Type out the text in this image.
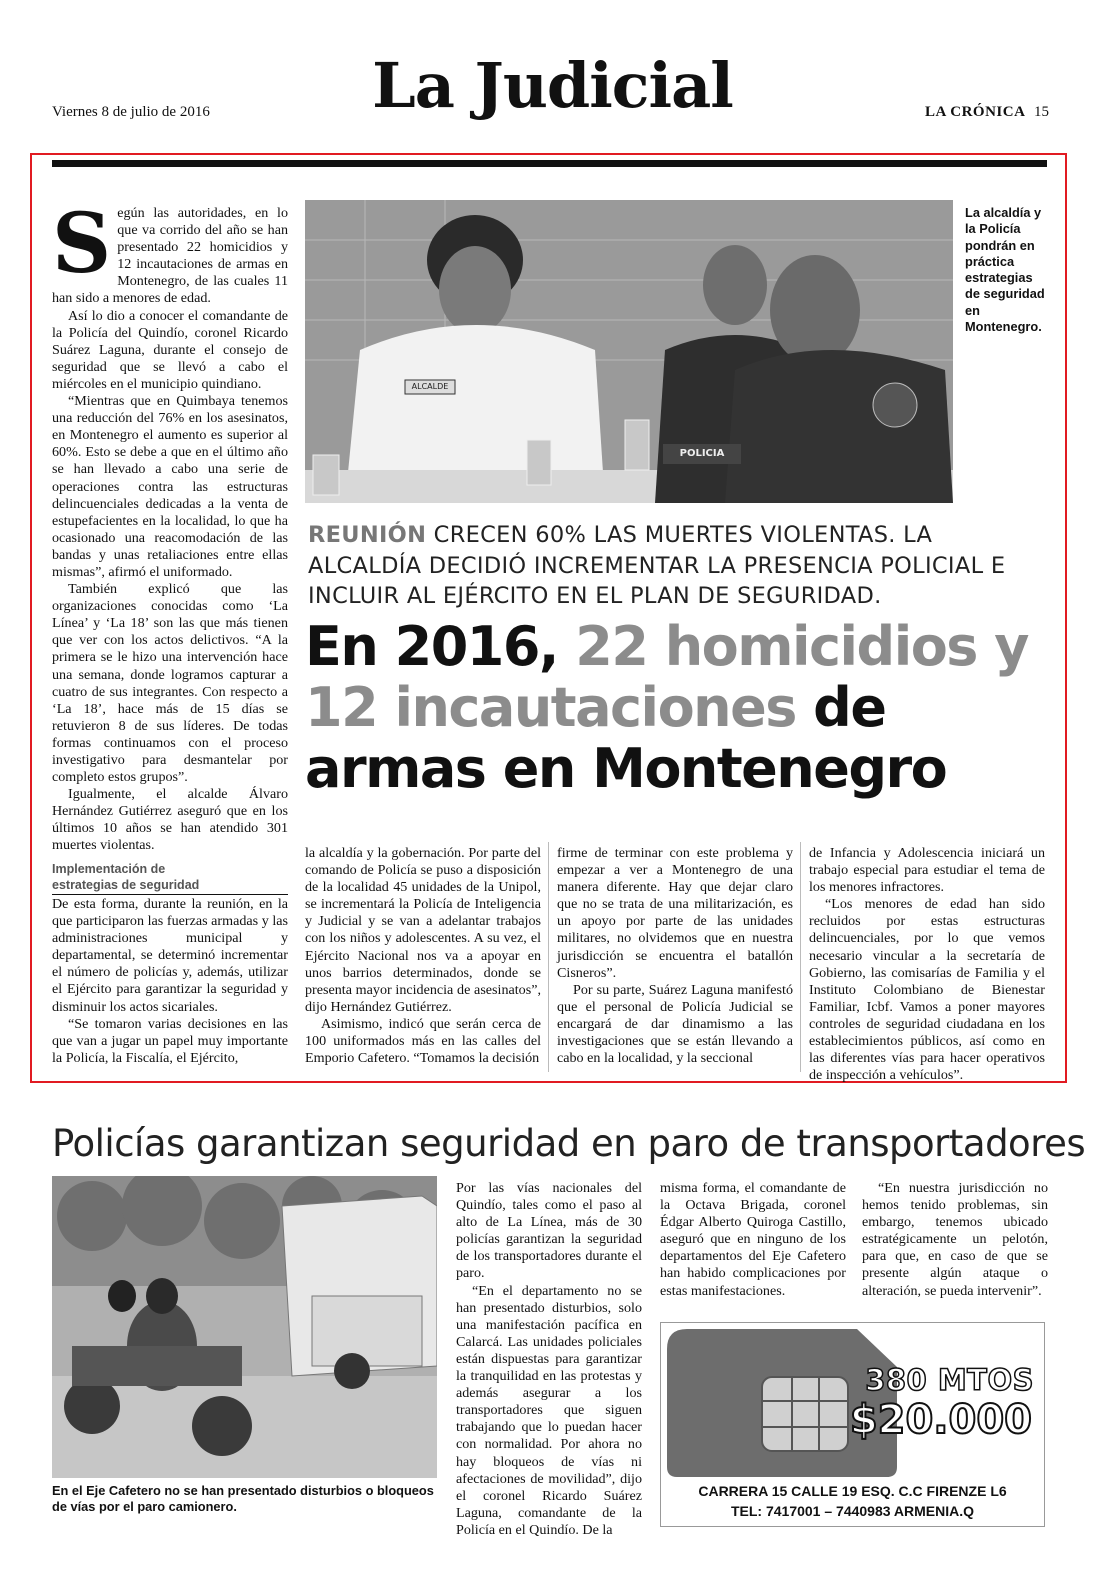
Viernes 8 de julio de 2016	La Judicial	LA CRÓNICA 15
S egún las autoridades, en lo que va corrido del año se han presentado 22 homicidios y 12 incautaciones de armas en Montenegro, de las cuales 11 han sido a menores de edad.

Así lo dio a conocer el comandante de la Policía del Quindío, coronel Ricardo Suárez Laguna, durante el consejo de seguridad que se llevó a cabo el miércoles en el municipio quindiano.

“Mientras que en Quimbaya tenemos una reducción del 76% en los asesinatos, en Montenegro el aumento es superior al 60%. Esto se debe a que en el último año se han llevado a cabo una serie de operaciones contra las estructuras delincuenciales dedicadas a la venta de estupefacientes en la localidad, lo que ha ocasionado una reacomodación de las bandas y unas retaliaciones entre ellas mismas”, afirmó el uniformado.

También explicó que las organizaciones conocidas como ‘La Línea’ y ‘La 18’ son las que más tienen que ver con los actos delictivos. “A la primera se le hizo una intervención hace una semana, donde logramos capturar a cuatro de sus integrantes. Con respecto a ‘La 18’, hace más de 15 días se retuvieron 8 de sus líderes. De todas formas continuamos con el proceso investigativo para desmantelar por completo estos grupos”.

Igualmente, el alcalde Álvaro Hernández Gutiérrez aseguró que en los últimos 10 años se han atendido 301 muertes violentas.

Implementación de
estrategias de seguridad

De esta forma, durante la reunión, en la que participaron las fuerzas armadas y las administraciones municipal y departamental, se determinó incrementar el número de policías y, además, utilizar el Ejército para garantizar la seguridad y disminuir los actos sicariales.

“Se tomaron varias decisiones en las que van a jugar un papel muy importante la Policía, la Fiscalía, el Ejército,

ALCALDE
POLICIA
La alcaldía y la Policía pondrán en práctica estrategias de seguridad en Montenegro.
REUNIÓN CRECEN 60% LAS MUERTES VIOLENTAS. LA ALCALDÍA DECIDIÓ INCREMENTAR LA PRESENCIA POLICIAL E INCLUIR AL EJÉRCITO EN EL PLAN DE SEGURIDAD.
En 2016, 22 homicidios y 12 incautaciones de armas en Montenegro

la alcaldía y la gobernación. Por parte del comando de Policía se puso a disposición de la localidad 45 unidades de la Unipol, se incrementará la Policía de Inteligencia y Judicial y se van a adelantar trabajos con los niños y adolescentes. A su vez, el Ejército Nacional nos va a apoyar en unos barrios determinados, donde se presenta mayor incidencia de asesinatos”, dijo Hernández Gutiérrez.

Asimismo, indicó que serán cerca de 100 uniformados más en las calles del Emporio Cafetero. “Tomamos la decisión

firme de terminar con este problema y empezar a ver a Montenegro de una manera diferente. Hay que dejar claro que no se trata de una militarización, es un apoyo por parte de las unidades militares, no olvidemos que en nuestra jurisdicción se encuentra el batallón Cisneros”.

Por su parte, Suárez Laguna manifestó que el personal de Policía Judicial se encargará de dar dinamismo a las investigaciones que se están llevando a cabo en la localidad, y la seccional

de Infancia y Adolescencia iniciará un trabajo especial para estudiar el tema de los menores infractores.

“Los menores de edad han sido recluidos por estas estructuras delincuenciales, por lo que vemos necesario vincular a la secretaría de Gobierno, las comisarías de Familia y el Instituto Colombiano de Bienestar Familiar, Icbf. Vamos a poner mayores controles de seguridad ciudadana en los establecimientos públicos, así como en las diferentes vías para hacer operativos de inspección a vehículos”.

Policías garantizan seguridad en paro de transportadores
En el Eje Cafetero no se han presentado disturbios o bloqueos de vías por el paro camionero.

Por las vías nacionales del Quindío, tales como el paso al alto de La Línea, más de 30 policías garantizan la seguridad de los transportadores durante el paro.

“En el departamento no se han presentado disturbios, solo una manifestación pacífica en Calarcá. Las unidades policiales están dispuestas para garantizar la tranquilidad en las protestas y además asegurar a los transportadores que siguen trabajando que lo puedan hacer con normalidad. Por ahora no hay bloqueos de vías ni afectaciones de movilidad”, dijo el coronel Ricardo Suárez Laguna, comandante de la Policía en el Quindío. De la

misma forma, el comandante de la Octava Brigada, coronel Édgar Alberto Quiroga Castillo, aseguró que en ninguno de los departamentos del Eje Cafetero han habido complicaciones por estas manifestaciones.

“En nuestra jurisdicción no hemos tenido problemas, sin embargo, tenemos ubicado estratégicamente un pelotón, para que, en caso de que se presente algún ataque o alteración, se pueda intervenir”.

380 MTOS
$20.000
CARRERA 15 CALLE 19 ESQ. C.C FIRENZE L6
TEL: 7417001 – 7440983 ARMENIA.Q
